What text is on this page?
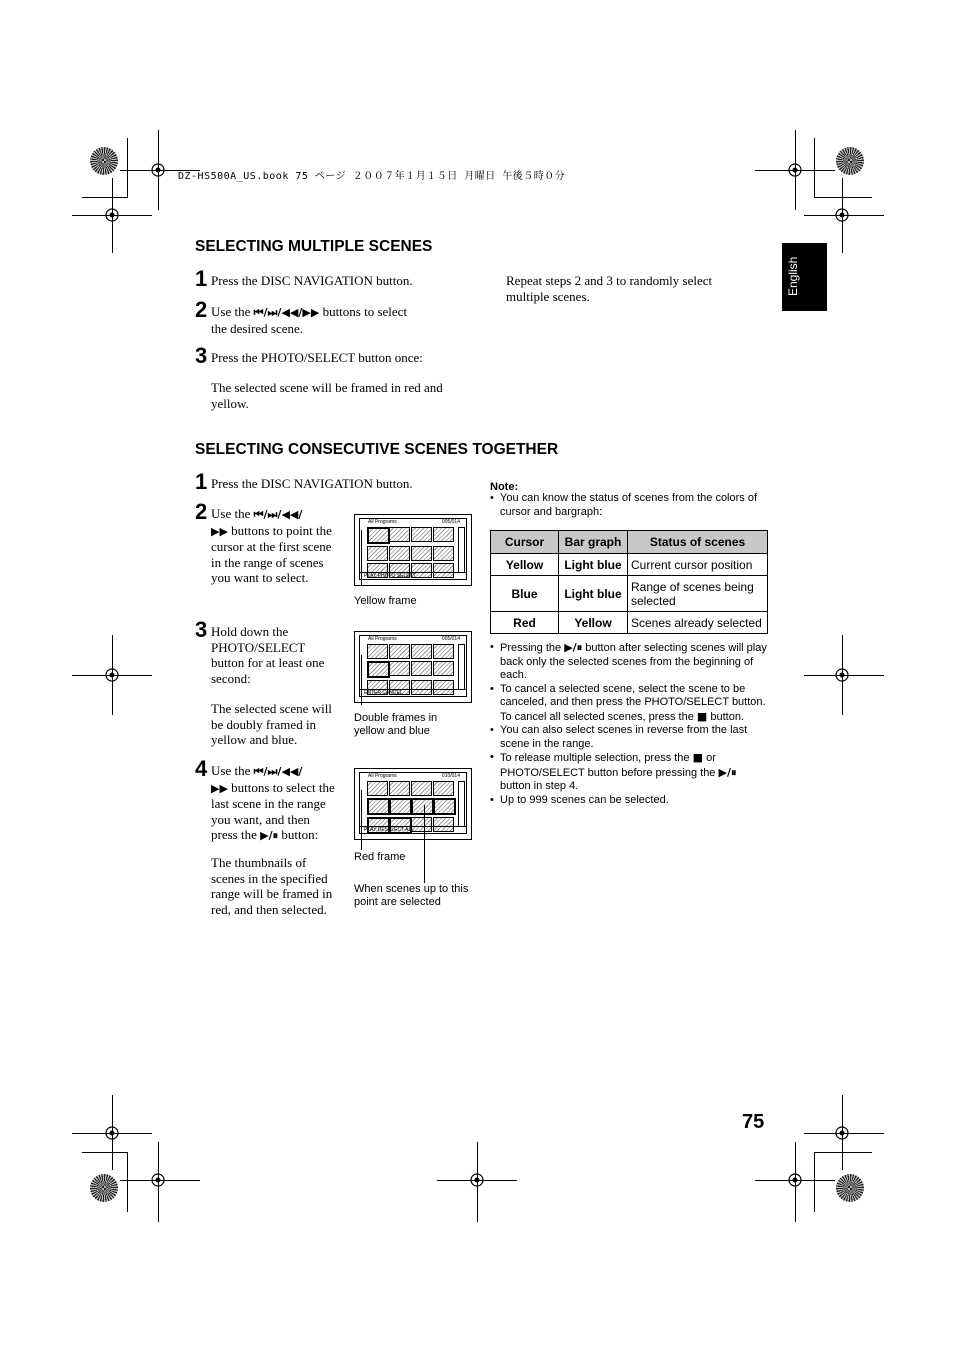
DZ-HS500A_US.book 75 ページ ２００７年１月１５日 月曜日 午後５時０分
English
SELECTING MULTIPLE SCENES
1 Press the DISC NAVIGATION button.
2 Use the ⏮/⏭/◀◀/▶▶ buttons to select
the desired scene.
3 Press the PHOTO/SELECT button once:
The selected scene will be framed in red and yellow.
Repeat steps 2 and 3 to randomly select multiple scenes.
SELECTING CONSECUTIVE SCENES TOGETHER
1 Press the DISC NAVIGATION button.
2 Use the ⏮/⏭/◀◀/
▶▶ buttons to point the
cursor at the first scene
in the range of scenes
you want to select.
3 Hold down the
PHOTO/SELECT
button for at least one
second:
The selected scene will
be doubly framed in
yellow and blue.
4 Use the ⏮/⏭/◀◀/
▶▶ buttons to select the
last scene in the range
you want, and then
press the ▶/⏸ button:
The thumbnails of
scenes in the specified
range will be framed in
red, and then selected.
All Programs	005/014
PLAY PHOTO SELECT
Yellow frame
All Programs	005/014
ENTER CANCEL
Double frames in yellow and blue
All Programs	010/014
PLAY DESELECT ALL
Red frame
When scenes up to this point are selected
Note:
• You can know the status of scenes from the colors of cursor and bargraph:
Cursor	Bar graph	Status of scenes
Yellow	Light blue	Current cursor position
Blue	Light blue	Range of scenes being selected
Red	Yellow	Scenes already selected
• Pressing the ▶/⏸ button after selecting scenes will play back only the selected scenes from the beginning of each.
• To cancel a selected scene, select the scene to be canceled, and then press the PHOTO/SELECT button.
To cancel all selected scenes, press the ■ button.
• You can also select scenes in reverse from the last scene in the range.
• To release multiple selection, press the ■ or PHOTO/SELECT button before pressing the ▶/⏸ button in step 4.
• Up to 999 scenes can be selected.
75
